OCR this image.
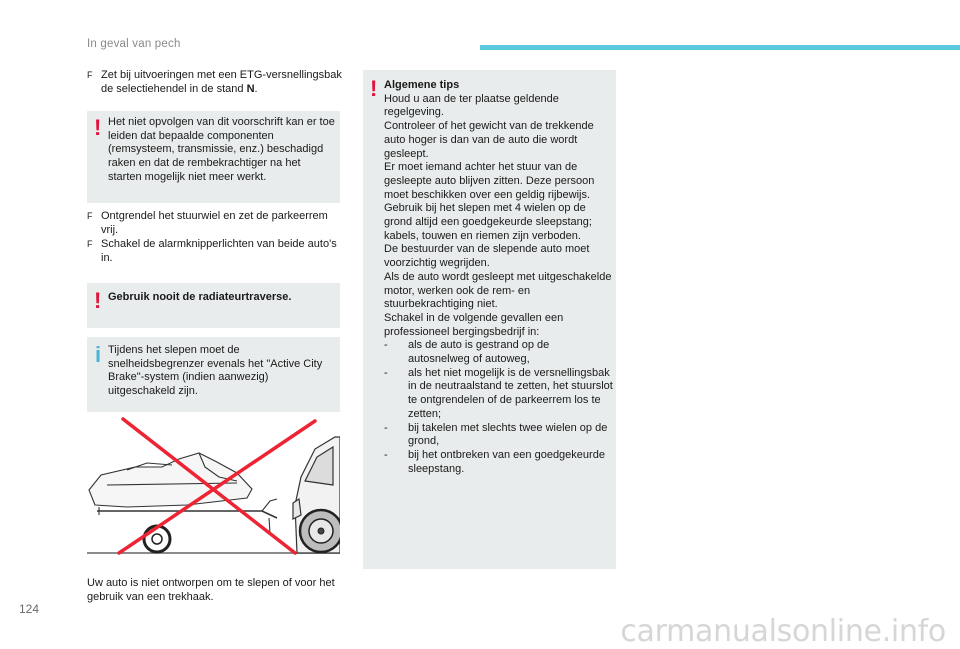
In geval van pech
F Zet bij uitvoeringen met een ETG-versnellingsbak de selectiehendel in de stand N.
! Het niet opvolgen van dit voorschrift kan er toe leiden dat bepaalde componenten (remsysteem, transmissie, enz.) beschadigd raken en dat de rembekrachtiger na het starten mogelijk niet meer werkt.
F Ontgrendel het stuurwiel en zet de parkeerrem vrij.
F Schakel de alarmknipperlichten van beide auto's in.
! Gebruik nooit de radiateurtraverse.
i Tijdens het slepen moet de snelheidsbegrenzer evenals het "Active City Brake"-system (indien aanwezig) uitgeschakeld zijn.
Uw auto is niet ontworpen om te slepen of voor het gebruik van een trekhaak.
! Algemene tips

Houd u aan de ter plaatse geldende regelgeving.

Controleer of het gewicht van de trekkende auto hoger is dan van de auto die wordt gesleept.

Er moet iemand achter het stuur van de gesleepte auto blijven zitten. Deze persoon moet beschikken over een geldig rijbewijs.

Gebruik bij het slepen met 4 wielen op de grond altijd een goedgekeurde sleepstang; kabels, touwen en riemen zijn verboden.

De bestuurder van de slepende auto moet voorzichtig wegrijden.

Als de auto wordt gesleept met uitgeschakelde motor, werken ook de rem- en stuurbekrachtiging niet.

Schakel in de volgende gevallen een professioneel bergingsbedrijf in:

- als de auto is gestrand op de autosnelweg of autoweg,
- als het niet mogelijk is de versnellingsbak in de neutraalstand te zetten, het stuurslot te ontgrendelen of de parkeerrem los te zetten;
- bij takelen met slechts twee wielen op de grond,
- bij het ontbreken van een goedgekeurde sleepstang.
124
carmanualsonline.info
